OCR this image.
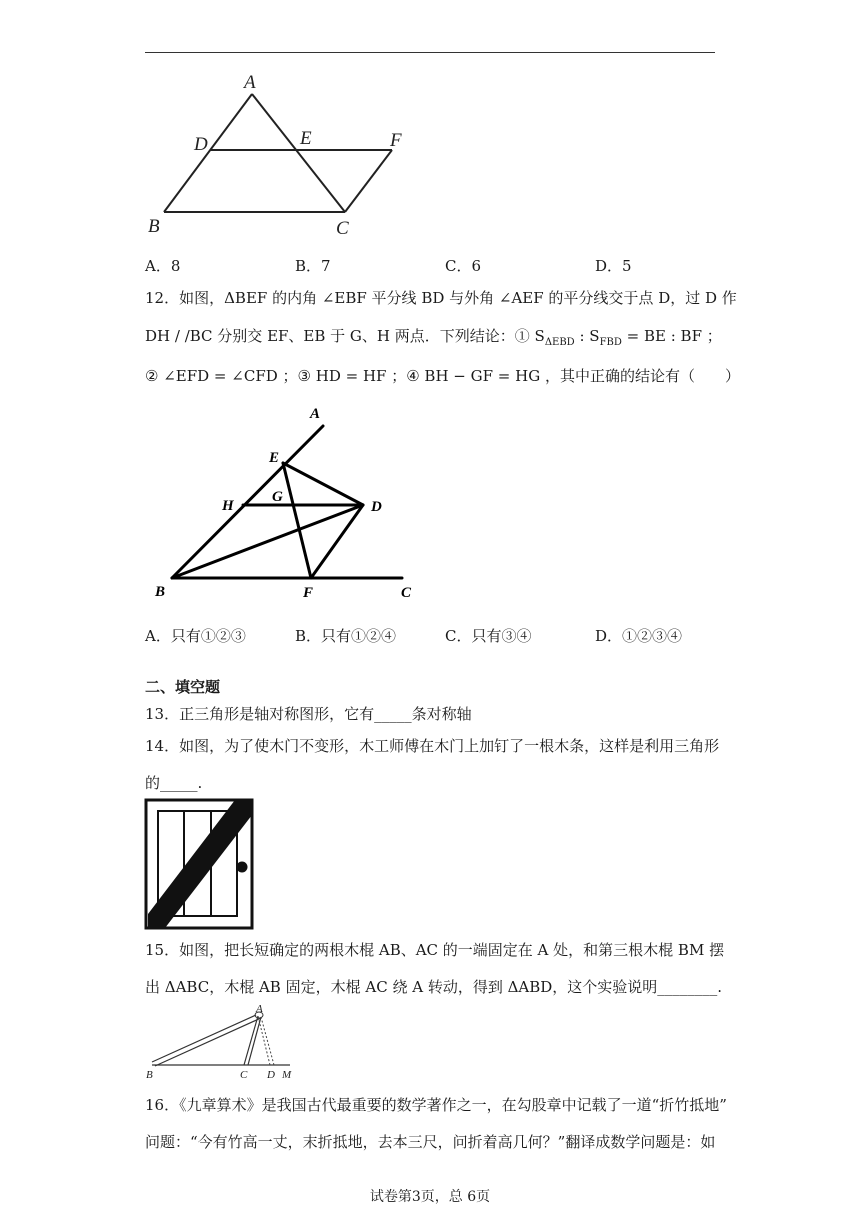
A
D	E	F
B	C
A．8	B．7	C．6	D．5
12．如图，ΔBEF 的内角 ∠EBF 平分线 BD 与外角 ∠AEF 的平分线交于点 D，过 D 作
DH / /BC 分别交 EF、EB 于 G、H 两点．下列结论：① $S_{\Delta EBD}$ : $S_{FBD}$ = BE : BF ；
② ∠EFD = ∠CFD ；③ HD = HF ；④ BH − GF = HG ，其中正确的结论有（　　）
A
E
H
G
D
B	F	C
A．只有①②③	B．只有①②④	C．只有③④	D．①②③④
二、填空题
13．正三角形是轴对称图形，它有_____条对称轴
14．如图，为了使木门不变形，木工师傅在木门上加钉了一根木条，这样是利用三角形
的_____.
15．如图，把长短确定的两根木棍 AB、AC 的一端固定在 A 处，和第三根木棍 BM 摆
出 ΔABC，木棍 AB 固定，木棍 AC 绕 A 转动，得到 ΔABD，这个实验说明________.
A
B	C D M
16．《九章算术》是我国古代最重要的数学著作之一，在勾股章中记载了一道“折竹抵地”
问题：“今有竹高一丈，末折抵地，去本三尺，问折着高几何？”翻译成数学问题是：如
试卷第3页，总 6页
